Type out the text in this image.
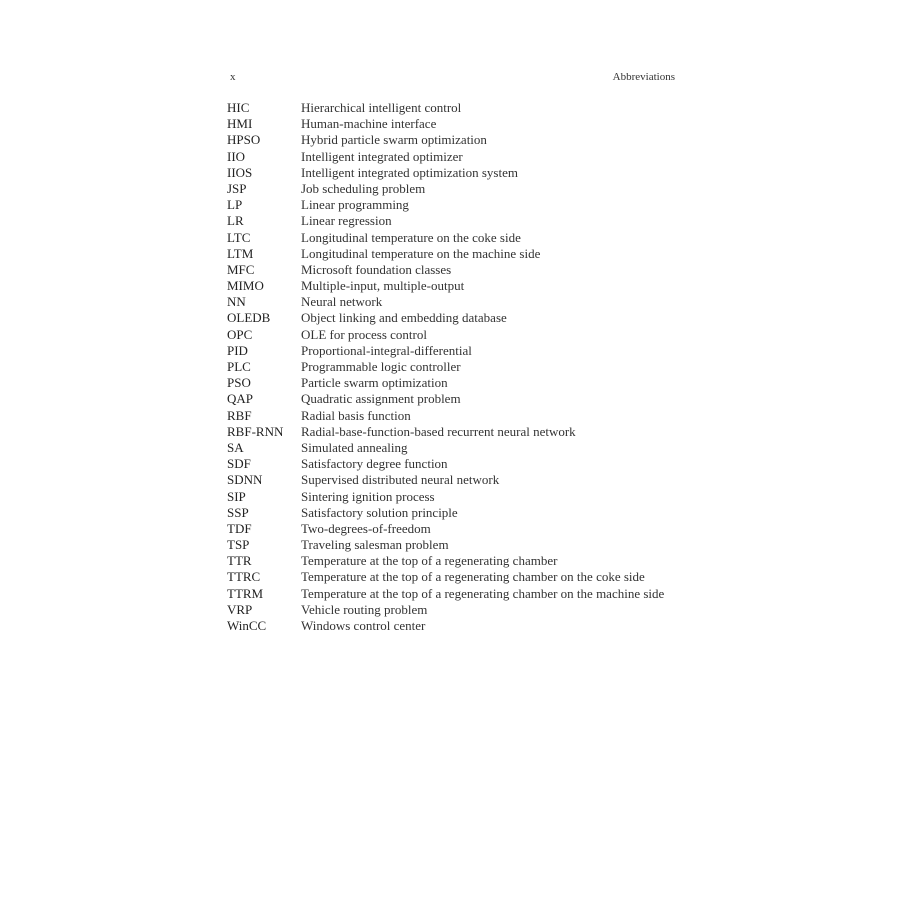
x	Abbreviations
HIC	Hierarchical intelligent control
HMI	Human-machine interface
HPSO	Hybrid particle swarm optimization
IIO	Intelligent integrated optimizer
IIOS	Intelligent integrated optimization system
JSP	Job scheduling problem
LP	Linear programming
LR	Linear regression
LTC	Longitudinal temperature on the coke side
LTM	Longitudinal temperature on the machine side
MFC	Microsoft foundation classes
MIMO	Multiple-input, multiple-output
NN	Neural network
OLEDB	Object linking and embedding database
OPC	OLE for process control
PID	Proportional-integral-differential
PLC	Programmable logic controller
PSO	Particle swarm optimization
QAP	Quadratic assignment problem
RBF	Radial basis function
RBF-RNN	Radial-base-function-based recurrent neural network
SA	Simulated annealing
SDF	Satisfactory degree function
SDNN	Supervised distributed neural network
SIP	Sintering ignition process
SSP	Satisfactory solution principle
TDF	Two-degrees-of-freedom
TSP	Traveling salesman problem
TTR	Temperature at the top of a regenerating chamber
TTRC	Temperature at the top of a regenerating chamber on the coke side
TTRM	Temperature at the top of a regenerating chamber on the machine side
VRP	Vehicle routing problem
WinCC	Windows control center
